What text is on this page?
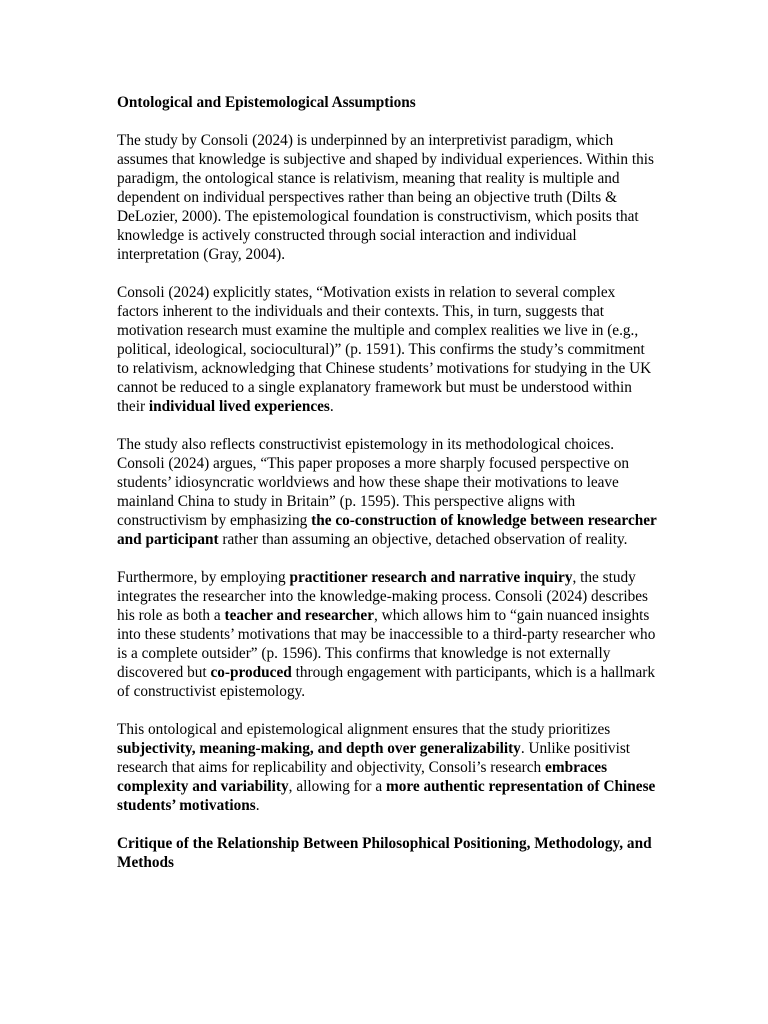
Ontological and Epistemological Assumptions

The study by Consoli (2024) is underpinned by an interpretivist paradigm, which assumes that knowledge is subjective and shaped by individual experiences. Within this paradigm, the ontological stance is relativism, meaning that reality is multiple and dependent on individual perspectives rather than being an objective truth (Dilts & DeLozier, 2000). The epistemological foundation is constructivism, which posits that knowledge is actively constructed through social interaction and individual interpretation (Gray, 2004).

Consoli (2024) explicitly states, “Motivation exists in relation to several complex factors inherent to the individuals and their contexts. This, in turn, suggests that motivation research must examine the multiple and complex realities we live in (e.g., political, ideological, sociocultural)” (p. 1591). This confirms the study’s commitment to relativism, acknowledging that Chinese students’ motivations for studying in the UK cannot be reduced to a single explanatory framework but must be understood within their individual lived experiences.

The study also reflects constructivist epistemology in its methodological choices. Consoli (2024) argues, “This paper proposes a more sharply focused perspective on students’ idiosyncratic worldviews and how these shape their motivations to leave mainland China to study in Britain” (p. 1595). This perspective aligns with constructivism by emphasizing the co-construction of knowledge between researcher and participant rather than assuming an objective, detached observation of reality.

Furthermore, by employing practitioner research and narrative inquiry, the study integrates the researcher into the knowledge-making process. Consoli (2024) describes his role as both a teacher and researcher, which allows him to “gain nuanced insights into these students’ motivations that may be inaccessible to a third-party researcher who is a complete outsider” (p. 1596). This confirms that knowledge is not externally discovered but co-produced through engagement with participants, which is a hallmark of constructivist epistemology.

This ontological and epistemological alignment ensures that the study prioritizes subjectivity, meaning-making, and depth over generalizability. Unlike positivist research that aims for replicability and objectivity, Consoli’s research embraces complexity and variability, allowing for a more authentic representation of Chinese students’ motivations.

Critique of the Relationship Between Philosophical Positioning, Methodology, and Methods
